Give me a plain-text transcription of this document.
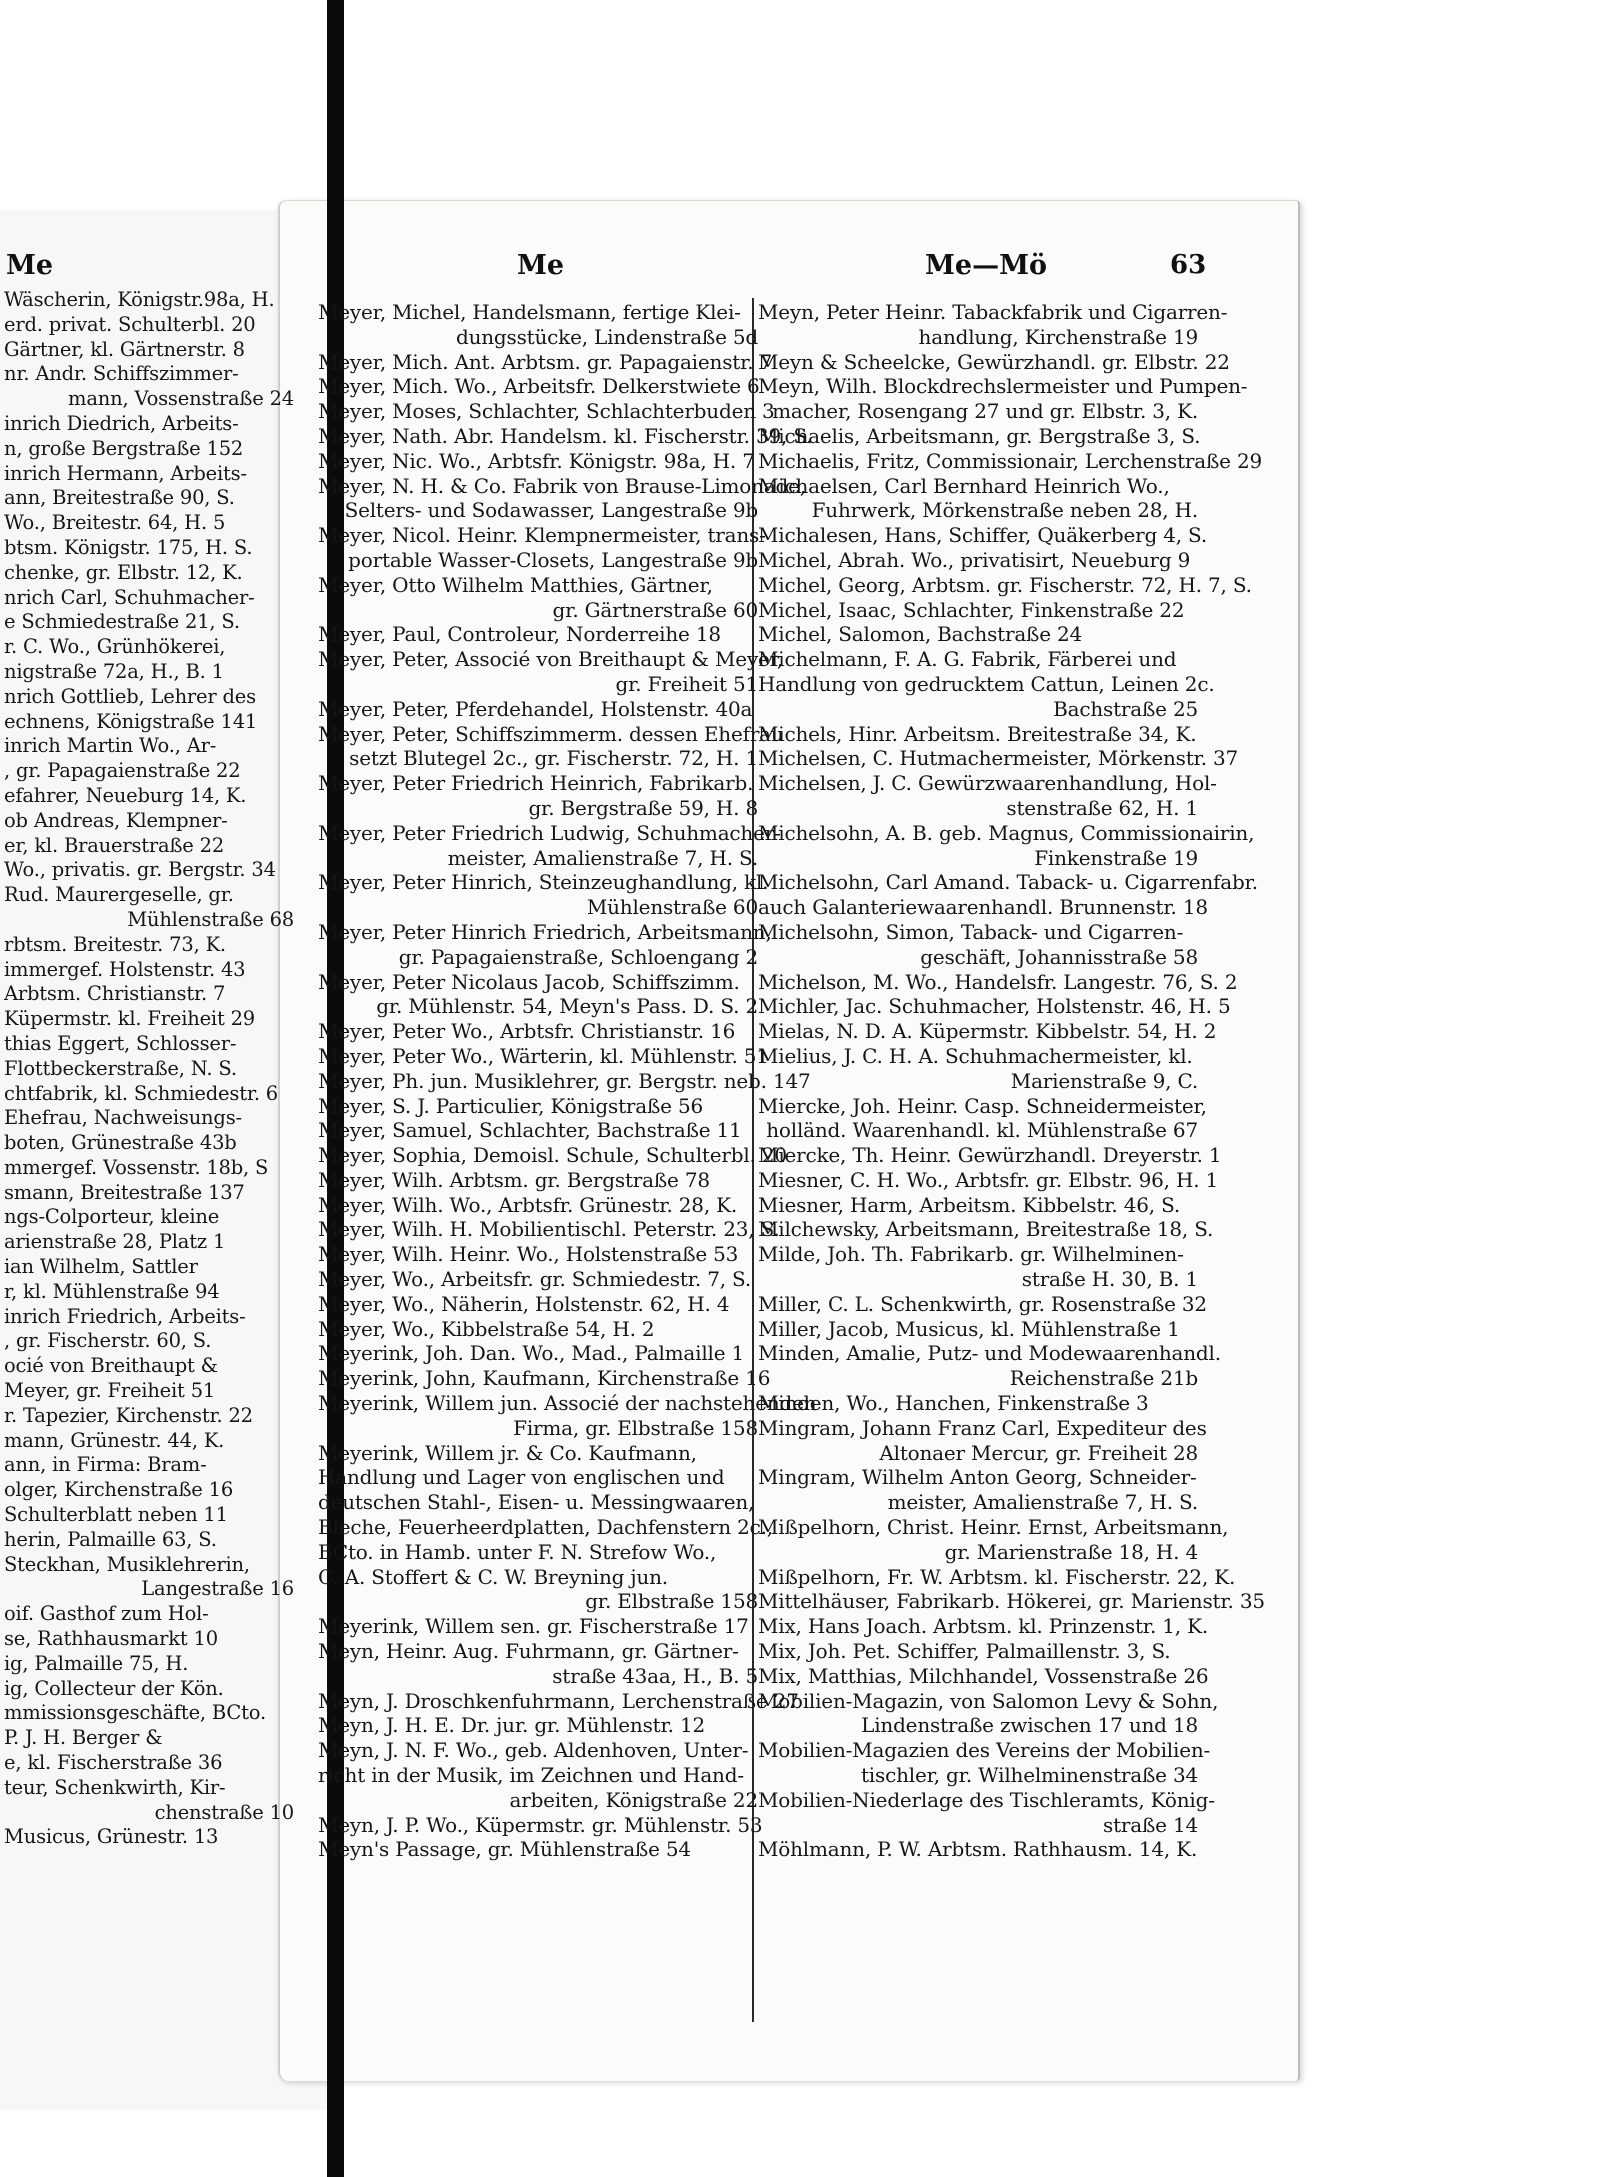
Me	Me	Me—Mö	63
Wäscherin, Königstr.98a, H.
erd. privat. Schulterbl. 20
Gärtner, kl. Gärtnerstr. 8
nr. Andr. Schiffszimmer-
mann, Vossenstraße 24
inrich Diedrich, Arbeits-
n, große Bergstraße 152
inrich Hermann, Arbeits-
ann, Breitestraße 90, S.
Wo., Breitestr. 64, H. 5
btsm. Königstr. 175, H. S.
chenke, gr. Elbstr. 12, K.
nrich Carl, Schuhmacher-
e Schmiedestraße 21, S.
r. C. Wo., Grünhökerei,
nigstraße 72a, H., B. 1
nrich Gottlieb, Lehrer des
echnens, Königstraße 141
inrich Martin Wo., Ar-
, gr. Papagaienstraße 22
efahrer, Neueburg 14, K.
ob Andreas, Klempner-
er, kl. Brauerstraße 22
Wo., privatis. gr. Bergstr. 34
Rud. Maurergeselle, gr.
Mühlenstraße 68
rbtsm. Breitestr. 73, K.
immergef. Holstenstr. 43
Arbtsm. Christianstr. 7
Küpermstr. kl. Freiheit 29
thias Eggert, Schlosser-
Flottbeckerstraße, N. S.
chtfabrik, kl. Schmiedestr. 6
Ehefrau, Nachweisungs-
boten, Grünestraße 43b
mmergef. Vossenstr. 18b, S
smann, Breitestraße 137
ngs-Colporteur, kleine
arienstraße 28, Platz 1
ian Wilhelm, Sattler
r, kl. Mühlenstraße 94
inrich Friedrich, Arbeits-
, gr. Fischerstr. 60, S.
ocié von Breithaupt &
Meyer, gr. Freiheit 51
r. Tapezier, Kirchenstr. 22
mann, Grünestr. 44, K.
ann, in Firma: Bram-
olger, Kirchenstraße 16
Schulterblatt neben 11
herin, Palmaille 63, S.
Steckhan, Musiklehrerin,
Langestraße 16
oif. Gasthof zum Hol-
se, Rathhausmarkt 10
ig, Palmaille 75, H.
ig, Collecteur der Kön.
mmissionsgeschäfte, BCto.
P. J. H. Berger &
e, kl. Fischerstraße 36
teur, Schenkwirth, Kir-
chenstraße 10
Musicus, Grünestr. 13
Meyer, Michel, Handelsmann, fertige Klei-
dungsstücke, Lindenstraße 5d
Meyer, Mich. Ant. Arbtsm. gr. Papagaienstr. 7
Meyer, Mich. Wo., Arbeitsfr. Delkerstwiete 6
Meyer, Moses, Schlachter, Schlachterbuden 3
Meyer, Nath. Abr. Handelsm. kl. Fischerstr. 39, S.
Meyer, Nic. Wo., Arbtsfr. Königstr. 98a, H. 7
Meyer, N. H. & Co. Fabrik von Brause-Limonade,
Selters- und Sodawasser, Langestraße 9b
Meyer, Nicol. Heinr. Klempnermeister, trans-
portable Wasser-Closets, Langestraße 9b
Meyer, Otto Wilhelm Matthies, Gärtner,
gr. Gärtnerstraße 60
Meyer, Paul, Controleur, Norderreihe 18
Meyer, Peter, Associé von Breithaupt & Meyer,
gr. Freiheit 51
Meyer, Peter, Pferdehandel, Holstenstr. 40a
Meyer, Peter, Schiffszimmerm. dessen Ehefrau
setzt Blutegel 2c., gr. Fischerstr. 72, H. 1
Meyer, Peter Friedrich Heinrich, Fabrikarb.
gr. Bergstraße 59, H. 8
Meyer, Peter Friedrich Ludwig, Schuhmacher-
meister, Amalienstraße 7, H. S.
Meyer, Peter Hinrich, Steinzeughandlung, kl.
Mühlenstraße 60
Meyer, Peter Hinrich Friedrich, Arbeitsmann,
gr. Papagaienstraße, Schloengang 2
Meyer, Peter Nicolaus Jacob, Schiffszimm.
gr. Mühlenstr. 54, Meyn's Pass. D. S. 2
Meyer, Peter Wo., Arbtsfr. Christianstr. 16
Meyer, Peter Wo., Wärterin, kl. Mühlenstr. 51
Meyer, Ph. jun. Musiklehrer, gr. Bergstr. neb. 147
Meyer, S. J. Particulier, Königstraße 56
Meyer, Samuel, Schlachter, Bachstraße 11
Meyer, Sophia, Demoisl. Schule, Schulterbl. 20
Meyer, Wilh. Arbtsm. gr. Bergstraße 78
Meyer, Wilh. Wo., Arbtsfr. Grünestr. 28, K.
Meyer, Wilh. H. Mobilientischl. Peterstr. 23, S.
Meyer, Wilh. Heinr. Wo., Holstenstraße 53
Meyer, Wo., Arbeitsfr. gr. Schmiedestr. 7, S.
Meyer, Wo., Näherin, Holstenstr. 62, H. 4
Meyer, Wo., Kibbelstraße 54, H. 2
Meyerink, Joh. Dan. Wo., Mad., Palmaille 1
Meyerink, John, Kaufmann, Kirchenstraße 16
Meyerink, Willem jun. Associé der nachstehenden
Firma, gr. Elbstraße 158
Meyerink, Willem jr. & Co. Kaufmann,
Handlung und Lager von englischen und
deutschen Stahl-, Eisen- u. Messingwaaren,
Bleche, Feuerheerdplatten, Dachfenstern 2c.,
BCto. in Hamb. unter F. N. Strefow Wo.,
C. A. Stoffert & C. W. Breyning jun.
gr. Elbstraße 158
Meyerink, Willem sen. gr. Fischerstraße 17
Meyn, Heinr. Aug. Fuhrmann, gr. Gärtner-
straße 43aa, H., B. 5
Meyn, J. Droschkenfuhrmann, Lerchenstraße 27
Meyn, J. H. E. Dr. jur. gr. Mühlenstr. 12
Meyn, J. N. F. Wo., geb. Aldenhoven, Unter-
richt in der Musik, im Zeichnen und Hand-
arbeiten, Königstraße 22
Meyn, J. P. Wo., Küpermstr. gr. Mühlenstr. 53
Meyn's Passage, gr. Mühlenstraße 54
Meyn, Peter Heinr. Tabackfabrik und Cigarren-
handlung, Kirchenstraße 19
Meyn & Scheelcke, Gewürzhandl. gr. Elbstr. 22
Meyn, Wilh. Blockdrechslermeister und Pumpen-
macher, Rosengang 27 und gr. Elbstr. 3, K.
Michaelis, Arbeitsmann, gr. Bergstraße 3, S.
Michaelis, Fritz, Commissionair, Lerchenstraße 29
Michaelsen, Carl Bernhard Heinrich Wo.,
Fuhrwerk, Mörkenstraße neben 28, H.
Michalesen, Hans, Schiffer, Quäkerberg 4, S.
Michel, Abrah. Wo., privatisirt, Neueburg 9
Michel, Georg, Arbtsm. gr. Fischerstr. 72, H. 7, S.
Michel, Isaac, Schlachter, Finkenstraße 22
Michel, Salomon, Bachstraße 24
Michelmann, F. A. G. Fabrik, Färberei und
Handlung von gedrucktem Cattun, Leinen 2c.
Bachstraße 25
Michels, Hinr. Arbeitsm. Breitestraße 34, K.
Michelsen, C. Hutmachermeister, Mörkenstr. 37
Michelsen, J. C. Gewürzwaarenhandlung, Hol-
stenstraße 62, H. 1
Michelsohn, A. B. geb. Magnus, Commissionairin,
Finkenstraße 19
Michelsohn, Carl Amand. Taback- u. Cigarrenfabr.
auch Galanteriewaarenhandl. Brunnenstr. 18
Michelsohn, Simon, Taback- und Cigarren-
geschäft, Johannisstraße 58
Michelson, M. Wo., Handelsfr. Langestr. 76, S. 2
Michler, Jac. Schuhmacher, Holstenstr. 46, H. 5
Mielas, N. D. A. Küpermstr. Kibbelstr. 54, H. 2
Mielius, J. C. H. A. Schuhmachermeister, kl.
Marienstraße 9, C.
Miercke, Joh. Heinr. Casp. Schneidermeister,
holländ. Waarenhandl. kl. Mühlenstraße 67
Miercke, Th. Heinr. Gewürzhandl. Dreyerstr. 1
Miesner, C. H. Wo., Arbtsfr. gr. Elbstr. 96, H. 1
Miesner, Harm, Arbeitsm. Kibbelstr. 46, S.
Milchewsky, Arbeitsmann, Breitestraße 18, S.
Milde, Joh. Th. Fabrikarb. gr. Wilhelminen-
straße H. 30, B. 1
Miller, C. L. Schenkwirth, gr. Rosenstraße 32
Miller, Jacob, Musicus, kl. Mühlenstraße 1
Minden, Amalie, Putz- und Modewaarenhandl.
Reichenstraße 21b
Minden, Wo., Hanchen, Finkenstraße 3
Mingram, Johann Franz Carl, Expediteur des
Altonaer Mercur, gr. Freiheit 28
Mingram, Wilhelm Anton Georg, Schneider-
meister, Amalienstraße 7, H. S.
Mißpelhorn, Christ. Heinr. Ernst, Arbeitsmann,
gr. Marienstraße 18, H. 4
Mißpelhorn, Fr. W. Arbtsm. kl. Fischerstr. 22, K.
Mittelhäuser, Fabrikarb. Hökerei, gr. Marienstr. 35
Mix, Hans Joach. Arbtsm. kl. Prinzenstr. 1, K.
Mix, Joh. Pet. Schiffer, Palmaillenstr. 3, S.
Mix, Matthias, Milchhandel, Vossenstraße 26
Mobilien-Magazin, von Salomon Levy & Sohn,
Lindenstraße zwischen 17 und 18
Mobilien-Magazien des Vereins der Mobilien-
tischler, gr. Wilhelminenstraße 34
Mobilien-Niederlage des Tischleramts, König-
straße 14
Möhlmann, P. W. Arbtsm. Rathhausm. 14, K.
